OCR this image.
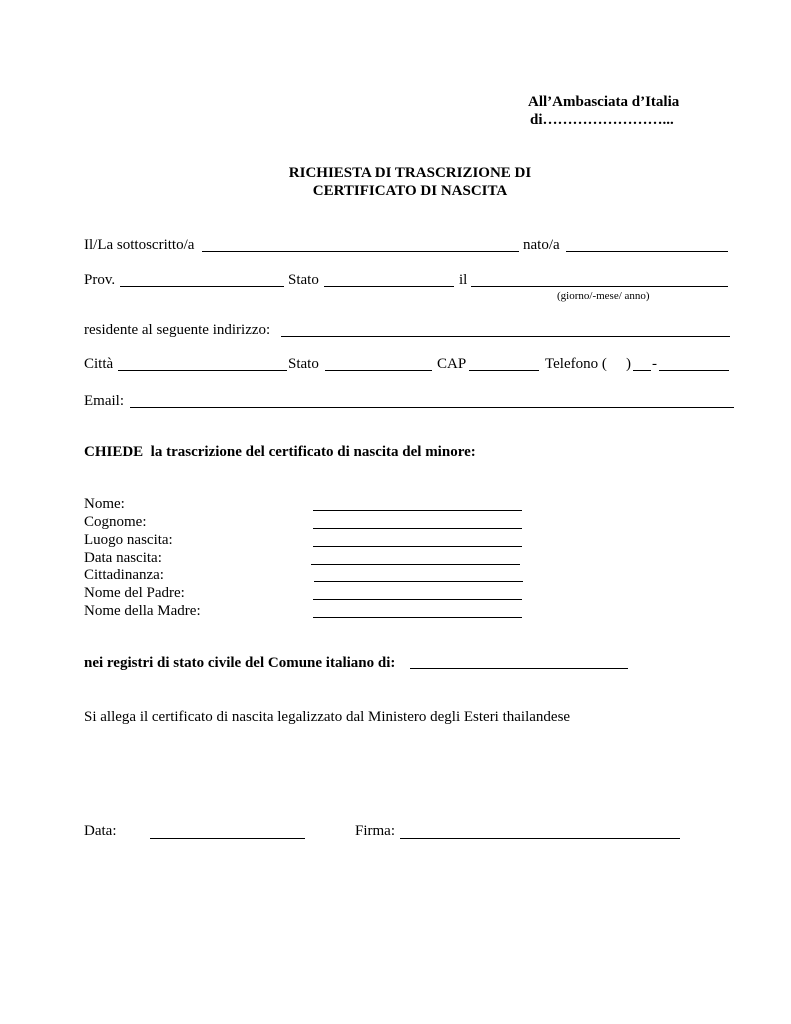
All’Ambasciata d’Italia
di……………………...
RICHIESTA DI TRASCRIZIONE DI
CERTIFICATO DI NASCITA
Il/La sottoscritto/a	nato/a
Prov.	Stato	il
(giorno/-mese/ anno)
residente al seguente indirizzo:
Città	Stato	CAP	Telefono ( ) -
Email:
CHIEDE  la trascrizione del certificato di nascita del minore:
Nome:
Cognome:
Luogo nascita:
Data nascita:
Cittadinanza:
Nome del Padre:
Nome della Madre:
nei registri di stato civile del Comune italiano di:
Si allega il certificato di nascita legalizzato dal Ministero degli Esteri thailandese
Data:	Firma:
